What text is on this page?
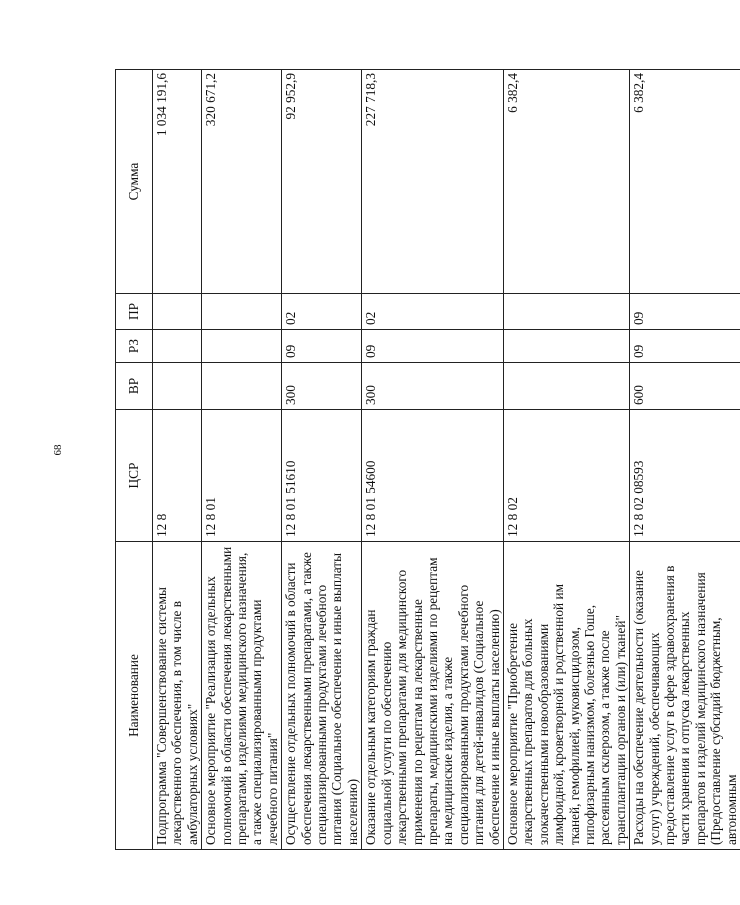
68
Наименование	ЦСР	ВР	РЗ	ПР	Сумма
Подпрограмма "Совершенствование системы лекарственного обеспечения, в том числе в амбулаторных условиях"	12 8				1 034 191,6
Основное мероприятие "Реализация отдельных полномочий в области обеспечения лекарственными препаратами, изделиями медицинского назначения, а также специализированными продуктами лечебного питания"	12 8 01				320 671,2
Осуществление отдельных полномочий в области обеспечения лекарственными препаратами, а также специализированными продуктами лечебного питания (Социальное обеспечение и иные выплаты населению)	12 8 01 51610	300	09	02	92 952,9
Оказание отдельным категориям граждан социальной услуги по обеспечению лекарственными препаратами для медицинского применения по рецептам на лекарственные препараты, медицинскими изделиями по рецептам на медицинские изделия, а также специализированными продуктами лечебного питания для детей-инвалидов (Социальное обеспечение и иные выплаты населению)	12 8 01 54600	300	09	02	227 718,3
Основное мероприятие "Приобретение лекарственных препаратов для больных злокачественными новообразованиями лимфоидной, кроветворной и родственной им тканей, гемофилией, муковисцидозом, гипофизарным нанизмом, болезнью Гоше, рассеянным склерозом, а также после трансплантации органов и (или) тканей"	12 8 02				6 382,4
Расходы на обеспечение деятельности (оказание услуг) учреждений, обеспечивающих предоставление услуг в сфере здравоохранения в части хранения и отпуска лекарственных препаратов и изделий медицинского назначения (Предоставление субсидий бюджетным, автономным	12 8 02 08593	600	09	09	6 382,4
